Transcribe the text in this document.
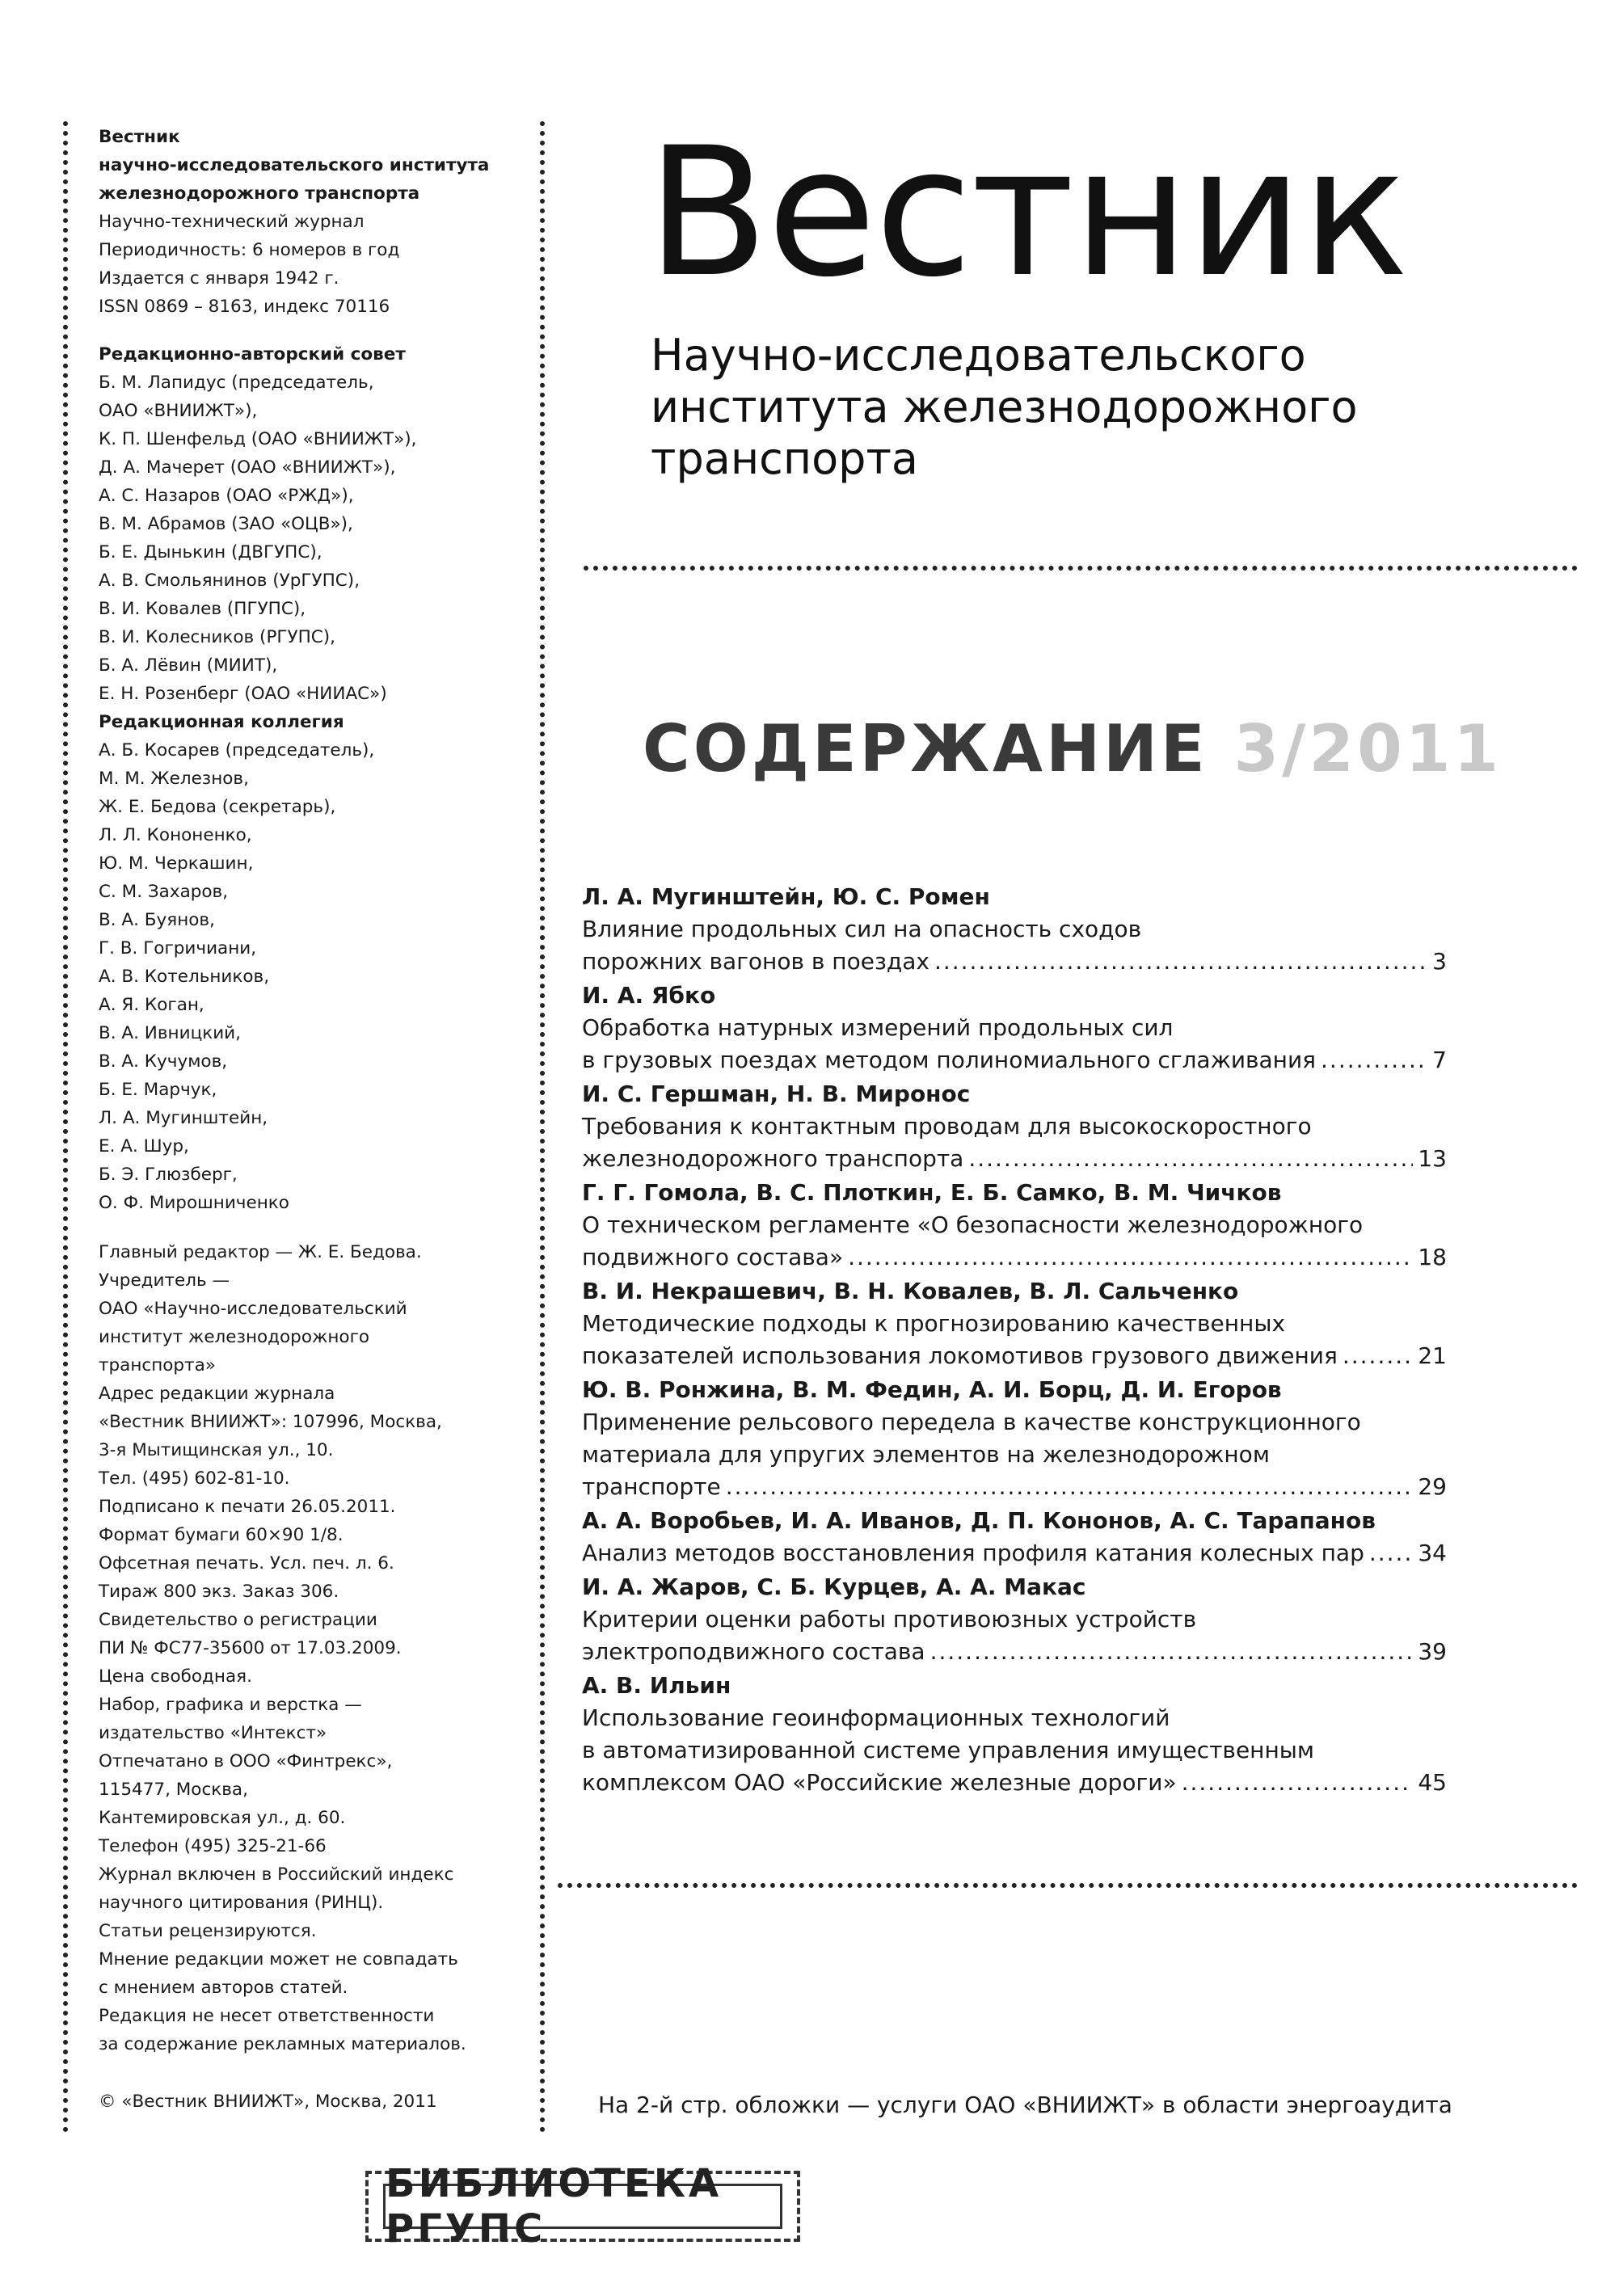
Вестник
научно-исследовательского института
железнодорожного транспорта
Научно-технический журнал
Периодичность: 6 номеров в год
Издается с января 1942 г.
ISSN 0869 – 8163, индекс 70116
Редакционно-авторский совет
Б. М. Лапидус (председатель,
ОАО «ВНИИЖТ»),
К. П. Шенфельд (ОАО «ВНИИЖТ»),
Д. А. Мачерет (ОАО «ВНИИЖТ»),
А. С. Назаров (ОАО «РЖД»),
В. М. Абрамов (ЗАО «ОЦВ»),
Б. Е. Дынькин (ДВГУПС),
А. В. Смольянинов (УрГУПС),
В. И. Ковалев (ПГУПС),
В. И. Колесников (РГУПС),
Б. А. Лёвин (МИИТ),
Е. Н. Розенберг (ОАО «НИИАС»)
Редакционная коллегия
А. Б. Косарев (председатель),
М. М. Железнов,
Ж. Е. Бедова (секретарь),
Л. Л. Кононенко,
Ю. М. Черкашин,
С. М. Захаров,
В. А. Буянов,
Г. В. Гогричиани,
А. В. Котельников,
А. Я. Коган,
В. А. Ивницкий,
В. А. Кучумов,
Б. Е. Марчук,
Л. А. Мугинштейн,
Е. А. Шур,
Б. Э. Глюзберг,
О. Ф. Мирошниченко
Главный редактор — Ж. Е. Бедова.
Учредитель —
ОАО «Научно-исследовательский
институт железнодорожного
транспорта»
Адрес редакции журнала
«Вестник ВНИИЖТ»: 107996, Москва,
3-я Мытищинская ул., 10.
Тел. (495) 602-81-10.
Подписано к печати 26.05.2011.
Формат бумаги 60×90 1/8.
Офсетная печать. Усл. печ. л. 6.
Тираж 800 экз. Заказ 306.
Свидетельство о регистрации
ПИ № ФС77-35600 от 17.03.2009.
Цена свободная.
Набор, графика и верстка —
издательство «Интекст»
Отпечатано в ООО «Финтрекс»,
115477, Москва,
Кантемировская ул., д. 60.
Телефон (495) 325-21-66
Журнал включен в Российский индекс
научного цитирования (РИНЦ).
Статьи рецензируются.
Мнение редакции может не совпадать
с мнением авторов статей.
Редакция не несет ответственности
за содержание рекламных материалов.
© «Вестник ВНИИЖТ», Москва, 2011
Вестник
Научно-исследовательского
института железнодорожного
транспорта
СОДЕРЖАНИЕ 3/2011
Л. А. Мугинштейн, Ю. С. Ромен
Влияние продольных сил на опасность сходов
порожних вагонов в поездах .....	3
И. А. Ябко
Обработка натурных измерений продольных сил
в грузовых поездах методом полиномиального сглаживания .....	7
И. С. Гершман, Н. В. Миронос
Требования к контактным проводам для высокоскоростного
железнодорожного транспорта .....	13
Г. Г. Гомола, В. С. Плоткин, Е. Б. Самко, В. М. Чичков
О техническом регламенте «О безопасности железнодорожного
подвижного состава» .....	18
В. И. Некрашевич, В. Н. Ковалев, В. Л. Сальченко
Методические подходы к прогнозированию качественных
показателей использования локомотивов грузового движения .....	21
Ю. В. Ронжина, В. М. Федин, А. И. Борц, Д. И. Егоров
Применение рельсового передела в качестве конструкционного
материала для упругих элементов на железнодорожном
транспорте .....	29
А. А. Воробьев, И. А. Иванов, Д. П. Кононов, А. С. Тарапанов
Анализ методов восстановления профиля катания колесных пар ..... 34
И. А. Жаров, С. Б. Курцев, А. А. Макас
Критерии оценки работы противоюзных устройств
электроподвижного состава .....	39
А. В. Ильин
Использование геоинформационных технологий
в автоматизированной системе управления имущественным
комплексом ОАО «Российские железные дороги» .....	45
На 2-й стр. обложки — услуги ОАО «ВНИИЖТ» в области энергоаудита
БИБЛИОТЕКА РГУПС
